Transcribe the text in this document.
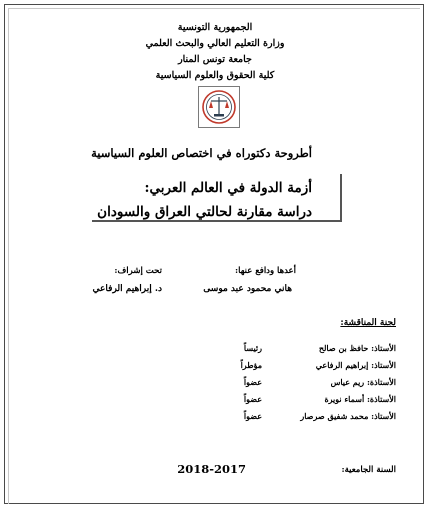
الجمهورية التونسية
وزارة التعليم العالي والبحث العلمي
جامعة تونس المنار
كلية الحقوق والعلوم السياسية
أطروحة دكتوراه في اختصاص العلوم السياسية
أزمة الدولة في العالم العربي:
دراسة مقارنة لحالتي العراق والسودان
أعدها ودافع عنها:
هاني محمود عبد موسى
تحت إشراف:
د. إبراهيم الرفاعي
لجنة المناقشة:
الأستاذ: حافظ بن صالح
رئيساً
الأستاذ: إبراهيم الرفاعي
مؤطراً
الأستاذة: ريم عياس
عضواً
الأستاذة: أسماء نويرة
عضواً
الأستاذ: محمد شفيق صرصار
عضواً
السنة الجامعية:
2018-2017
